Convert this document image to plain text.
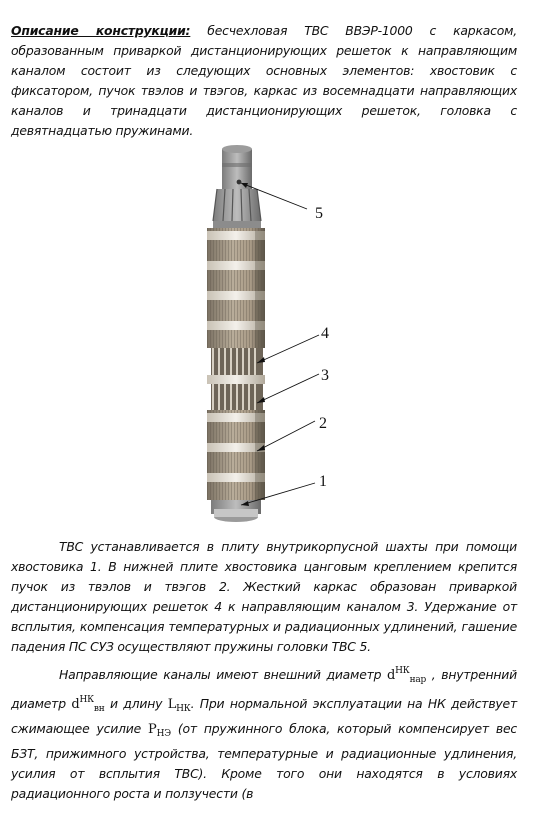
Описание конструкции: бесчехловая ТВС ВВЭР-1000 с каркасом, образованным приваркой дистанционирующих решеток к направляющим каналом состоит из следующих основных элементов: хвостовик с фиксатором, пучок твэлов и твэгов, каркас из восемнадцати направляющих каналов и тринадцати дистанционирующих решеток, головка с девятнадцатью пружинами.
5
4
3
2
1
ТВС устанавливается в плиту внутрикорпусной шахты при помощи хвостовика 1. В нижней плите хвостовика цанговым креплением крепится пучок из твэлов и твэгов 2. Жесткий каркас образован приваркой дистанционирующих решеток 4 к направляющим каналом 3. Удержание от всплытия, компенсация температурных и радиационных удлинений, гашение падения ПС СУЗ осуществляют пружины головки ТВС 5.
Направляющие каналы имеют внешний диаметр $d^{НК}_{нар}$ , внутренний диаметр $d^{НК}_{вн}$ и длину $L_{НК}$. При нормальной эксплуатации на НК действует сжимающее усилие $P_{НЭ}$ (от пружинного блока, который компенсирует вес БЗТ, прижимного устройства, температурные и радиационные удлинения, усилия от всплытия ТВС). Кроме того они находятся в условиях радиационного роста и ползучести (в
